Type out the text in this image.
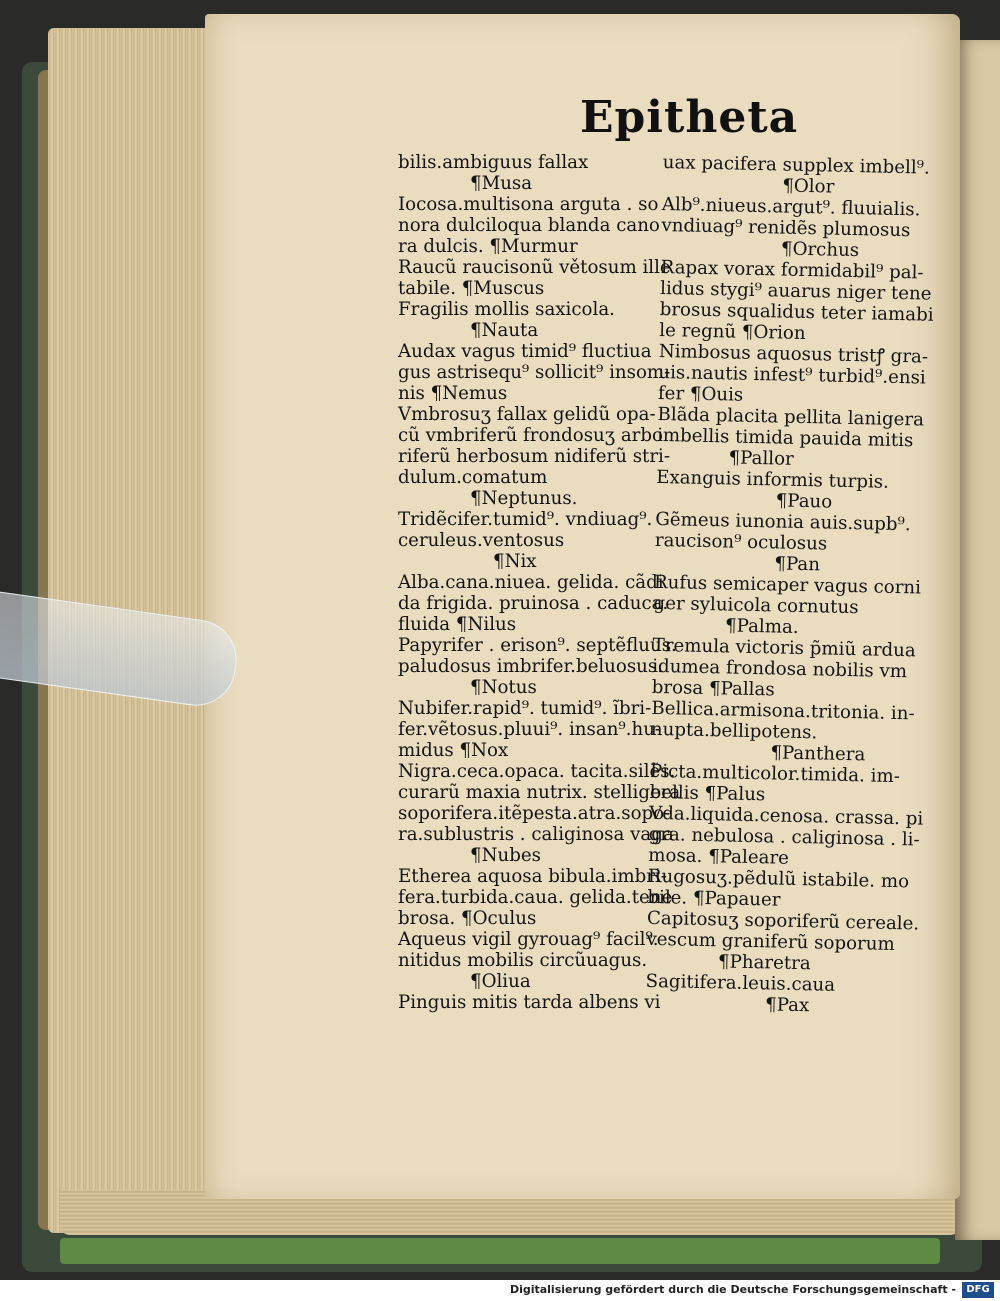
Epitheta
bilis.ambiguus fallax
¶Musa
Iocosa.multisona arguta . so
nora dulciloqua blanda cano
ra dulcis. ¶Murmur
Raucũ raucisonũ větosum ille
tabile. ¶Muscus
Fragilis mollis saxicola.
¶Nauta
Audax vagus timid⁹ fluctiua
gus astrisequ⁹ sollicit⁹ insom-
nis ¶Nemus
Vmbrosuʒ fallax gelidũ opa-
cũ vmbriferũ frondosuʒ arbo
riferũ herbosum nidiferũ stri-
dulum.comatum
¶Neptunus.
Tridẽcifer.tumid⁹. vndiuag⁹.
ceruleus.ventosus
¶Nix
Alba.cana.niuea. gelida. cãdi
da frigida. pruinosa . caduca.
fluida ¶Nilus
Papyrifer . erison⁹. septẽfluus.
paludosus imbrifer.beluosus.
¶Notus
Nubifer.rapid⁹. tumid⁹. ĩbri-
fer.vẽtosus.pluui⁹. insan⁹.hu-
midus ¶Nox
Nigra.ceca.opaca. tacita.silẽs.
curarũ maxia nutrix. stelligera
soporifera.itẽpesta.atra.sopo-
ra.sublustris . caliginosa vaga
¶Nubes
Etherea aquosa bibula.imbri-
fera.turbida.caua. gelida.tene
brosa. ¶Oculus
Aqueus vigil gyrouag⁹ facil⁹.
nitidus mobilis circũuagus.
¶Oliua
Pinguis mitis tarda albens vi
uax pacifera supplex imbell⁹.
¶Olor
Alb⁹.niueus.argut⁹. fluuialis.
vndiuag⁹ renidẽs plumosus
¶Orchus
Rapax vorax formidabil⁹ pal-
lidus stygi⁹ auarus niger tene
brosus squalidus teter iamabi
le regnũ ¶Orion
Nimbosus aquosus tristꝭ gra-
uis.nautis infest⁹ turbid⁹.ensi
fer ¶Ouis
Blãda placita pellita lanigera
imbellis timida pauida mitis
¶Pallor
Exanguis informis turpis.
¶Pauo
Gẽmeus iunonia auis.supb⁹.
raucison⁹ oculosus
¶Pan
Rufus semicaper vagus corni
ger syluicola cornutus
¶Palma.
Tremula victoris p̃miũ ardua
idumea frondosa nobilis vm
brosa ¶Pallas
Bellica.armisona.tritonia. in-
nupta.bellipotens.
¶Panthera
Picta.multicolor.timida. im-
bellis ¶Palus
Vda.liquida.cenosa. crassa. pi
gra. nebulosa . caliginosa . li-
mosa. ¶Paleare
Rugosuʒ.pẽdulũ istabile. mo
bile. ¶Papauer
Capitosuʒ soporiferũ cereale.
vescum graniferũ soporum
¶Pharetra
Sagitifera.leuis.caua
¶Pax
Digitalisierung gefördert durch die Deutsche Forschungsgemeinschaft -	DFG
